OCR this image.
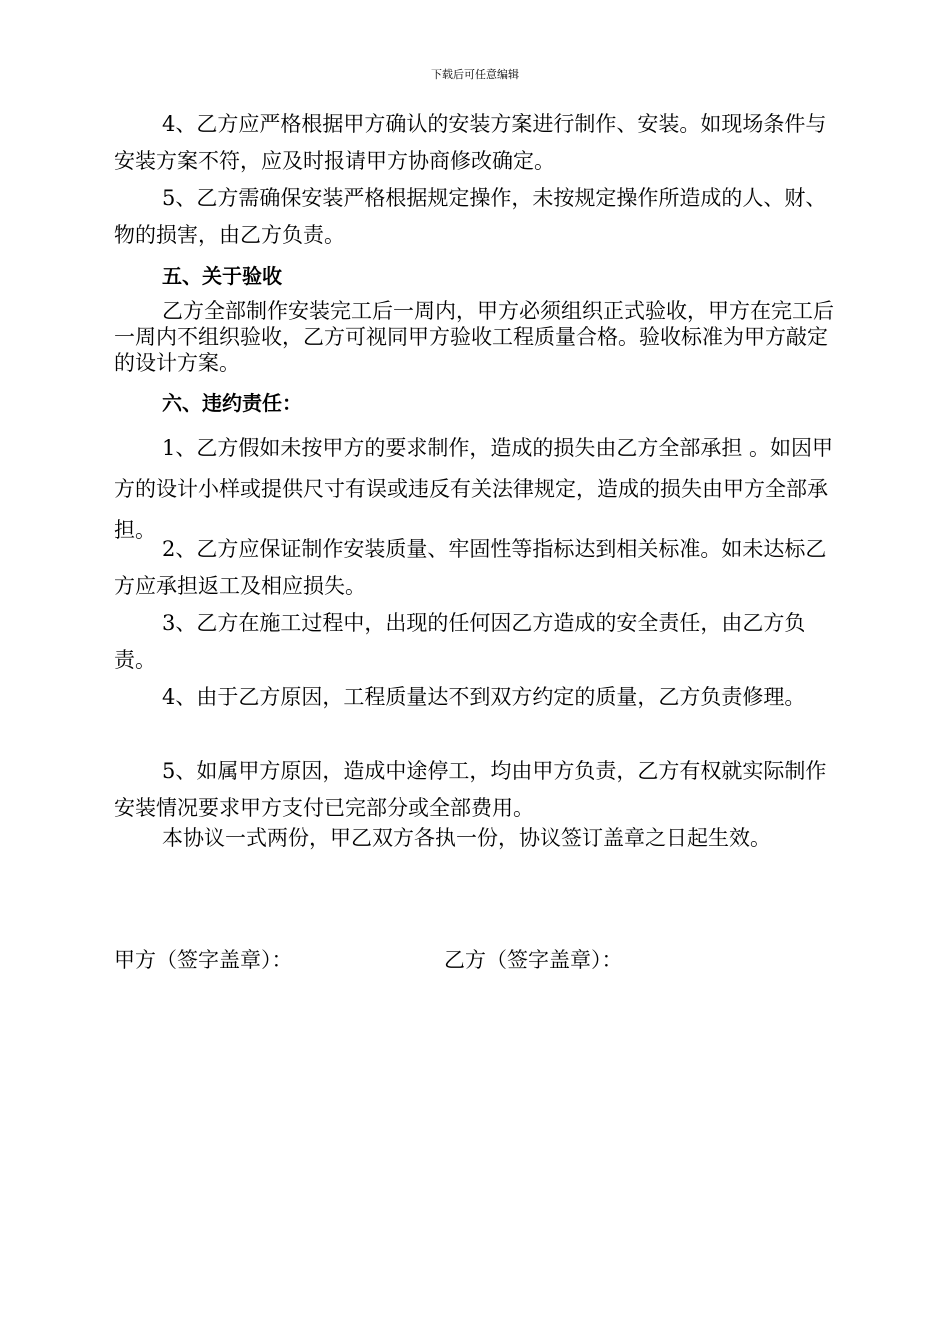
下载后可任意编辑

4、乙方应严格根据甲方确认的安装方案进行制作、安装。如现场条件与安装方案不符，应及时报请甲方协商修改确定。

5、乙方需确保安装严格根据规定操作，未按规定操作所造成的人、财、物的损害，由乙方负责。

五、关于验收

乙方全部制作安装完工后一周内，甲方必须组织正式验收，甲方在完工后一周内不组织验收，乙方可视同甲方验收工程质量合格。验收标准为甲方敲定的设计方案。

六、违约责任：

1、乙方假如未按甲方的要求制作，造成的损失由乙方全部承担 。如因甲方的设计小样或提供尺寸有误或违反有关法律规定，造成的损失由甲方全部承担。

2、乙方应保证制作安装质量、牢固性等指标达到相关标准。如未达标乙方应承担返工及相应损失。

3、乙方在施工过程中，出现的任何因乙方造成的安全责任，由乙方负责。

4、由于乙方原因，工程质量达不到双方约定的质量，乙方负责修理。

5、如属甲方原因，造成中途停工，均由甲方负责，乙方有权就实际制作安装情况要求甲方支付已完部分或全部费用。

本协议一式两份，甲乙双方各执一份，协议签订盖章之日起生效。

甲方（签字盖章）：	乙方（签字盖章）：
